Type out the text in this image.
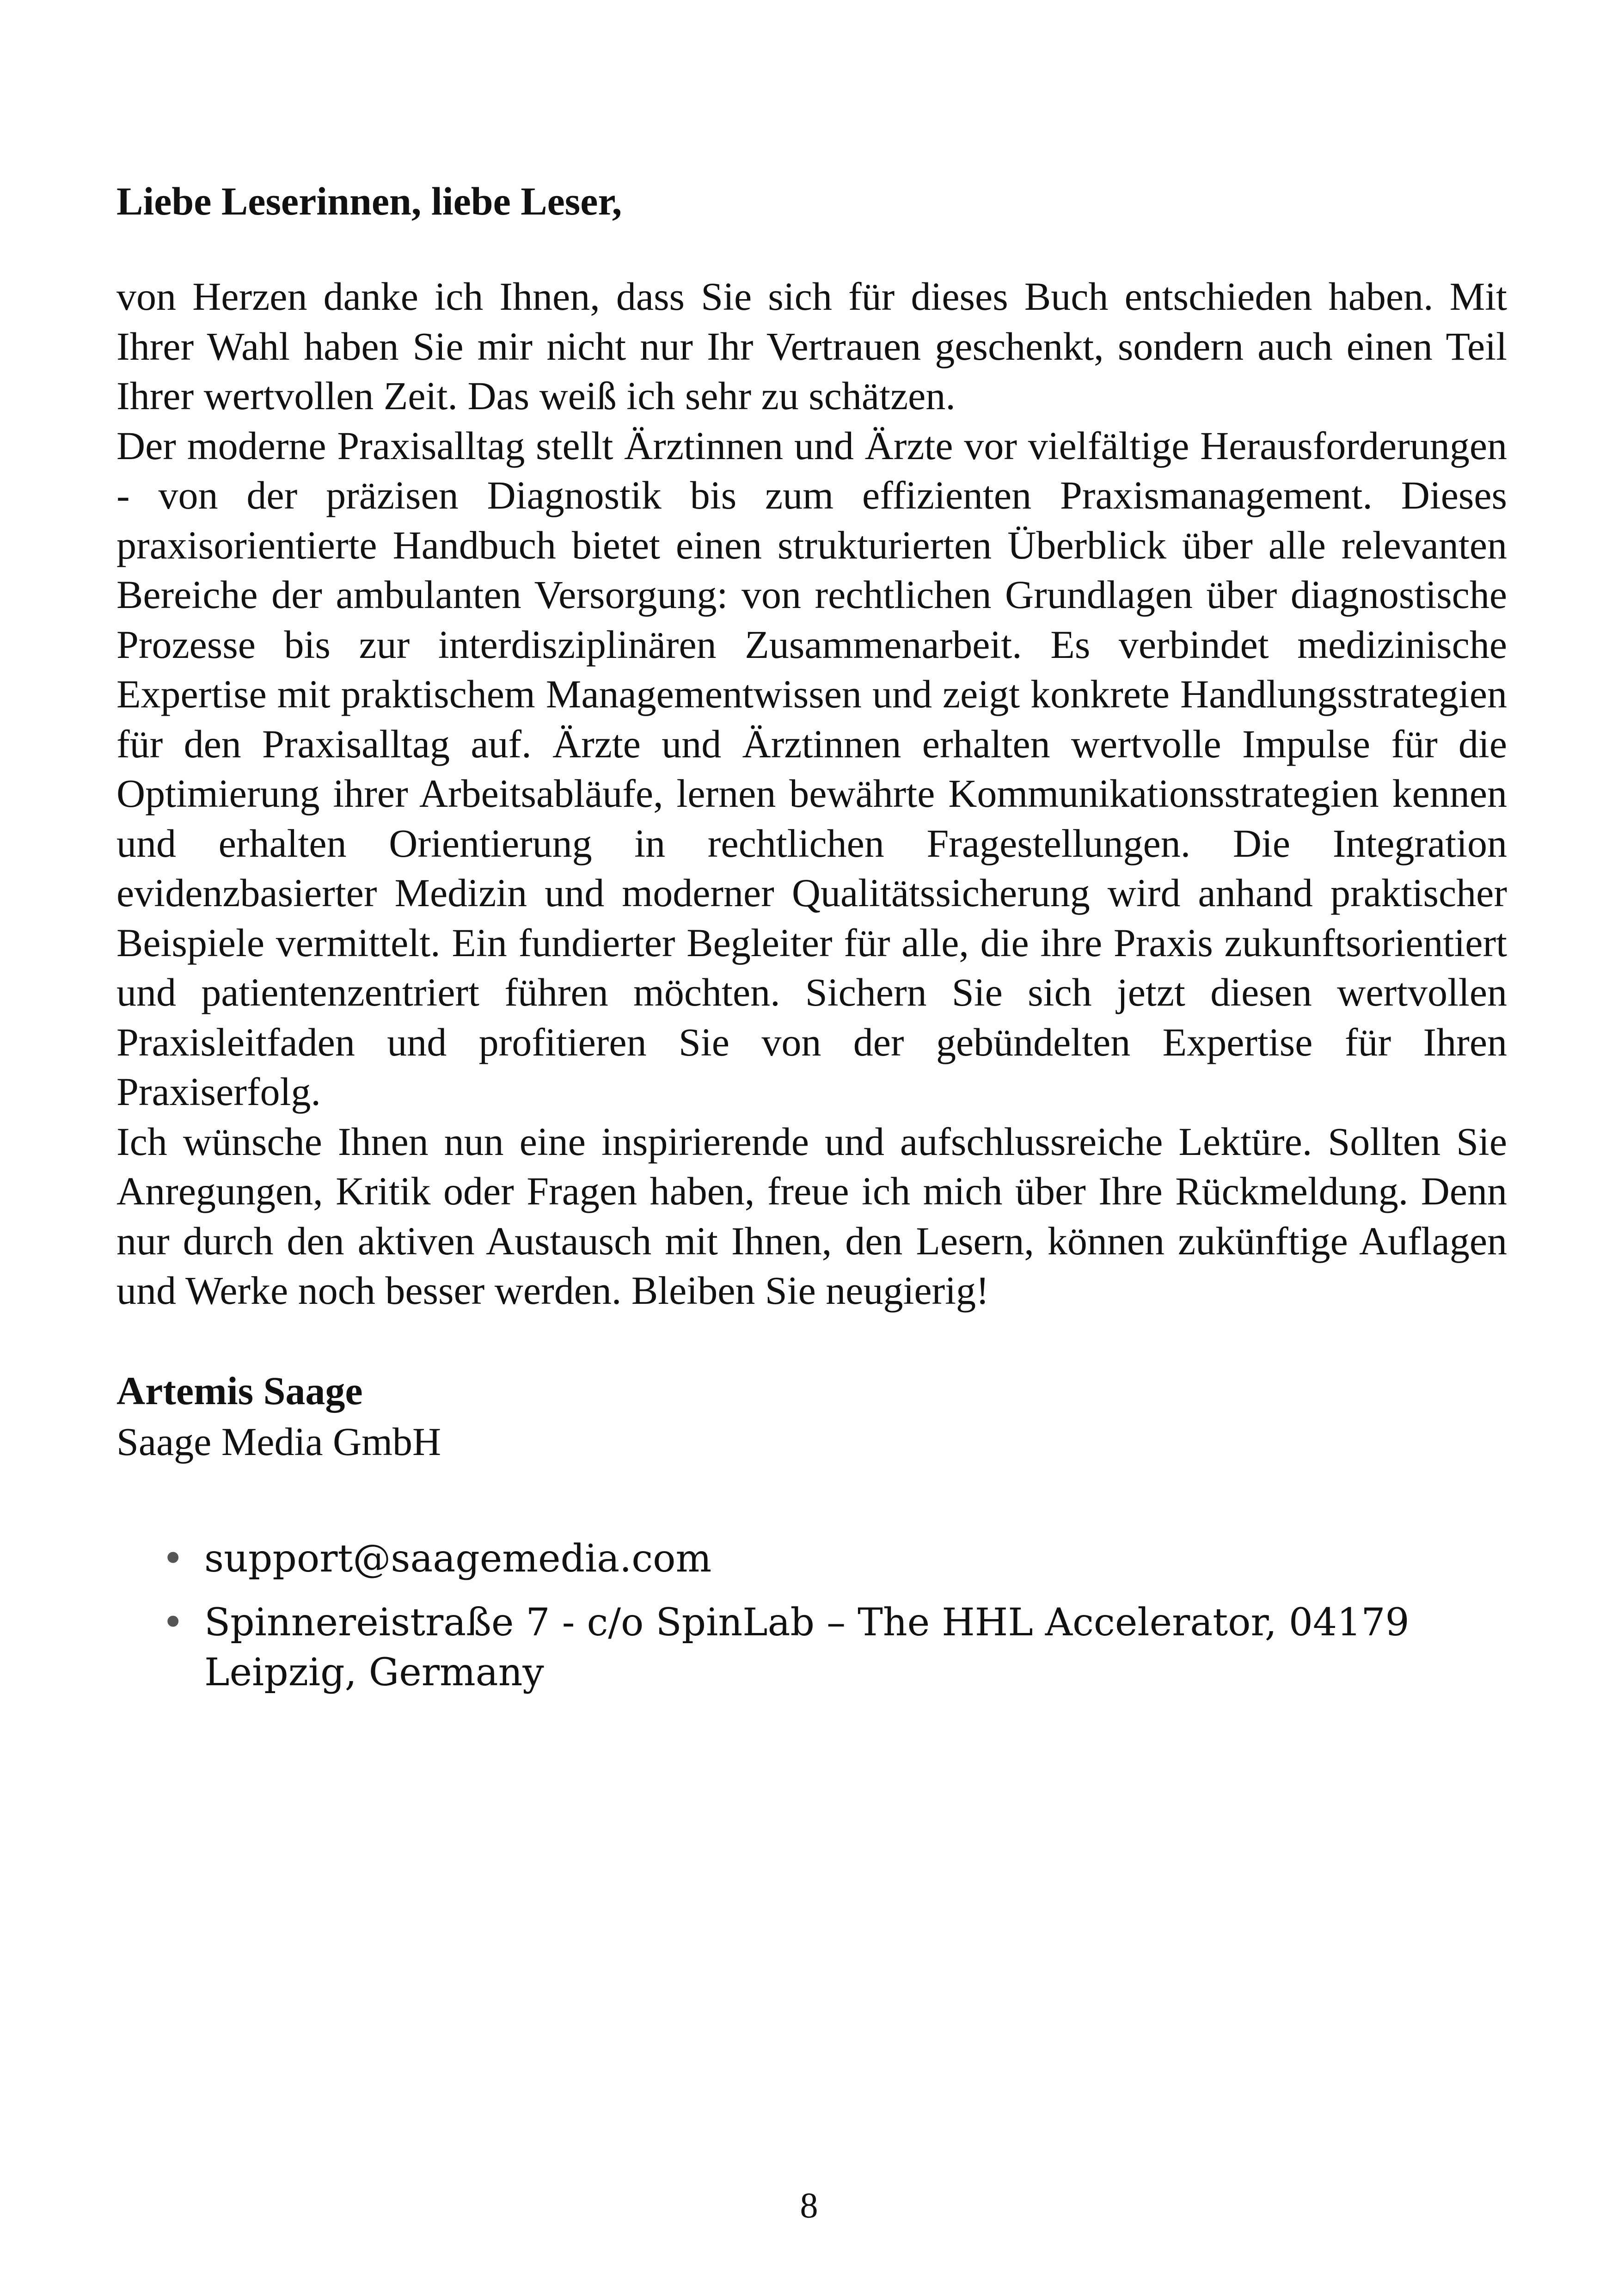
Liebe Leserinnen, liebe Leser,

von Herzen danke ich Ihnen, dass Sie sich für dieses Buch entschieden haben. Mit Ihrer Wahl haben Sie mir nicht nur Ihr Vertrauen geschenkt, sondern auch einen Teil Ihrer wertvollen Zeit. Das weiß ich sehr zu schätzen.

Der moderne Praxisalltag stellt Ärztinnen und Ärzte vor vielfältige Herausforderungen - von der präzisen Diagnostik bis zum effizienten Praxismanagement. Dieses praxisorientierte Handbuch bietet einen strukturierten Überblick über alle relevanten Bereiche der ambulanten Versorgung: von rechtlichen Grundlagen über diagnostische Prozesse bis zur interdisziplinären Zusammenarbeit. Es verbindet medizinische Expertise mit praktischem Managementwissen und zeigt konkrete Handlungsstrategien für den Praxisalltag auf. Ärzte und Ärztinnen erhalten wertvolle Impulse für die Optimierung ihrer Arbeitsabläufe, lernen bewährte Kommunikationsstrategien kennen und erhalten Orientierung in rechtlichen Fragestellungen. Die Integration evidenzbasierter Medizin und moderner Qualitätssicherung wird anhand praktischer Beispiele vermittelt. Ein fundierter Begleiter für alle, die ihre Praxis zukunftsorientiert und patientenzentriert führen möchten. Sichern Sie sich jetzt diesen wertvollen Praxisleitfaden und profitieren Sie von der gebündelten Expertise für Ihren Praxiserfolg.

Ich wünsche Ihnen nun eine inspirierende und aufschlussreiche Lektüre. Sollten Sie Anregungen, Kritik oder Fragen haben, freue ich mich über Ihre Rückmeldung. Denn nur durch den aktiven Austausch mit Ihnen, den Lesern, können zukünftige Auflagen und Werke noch besser werden. Bleiben Sie neugierig!

Artemis Saage

Saage Media GmbH

• support@saagemedia.com
• Spinnereistraße 7 - c/o SpinLab – The HHL Accelerator, 04179 Leipzig, Germany
8
